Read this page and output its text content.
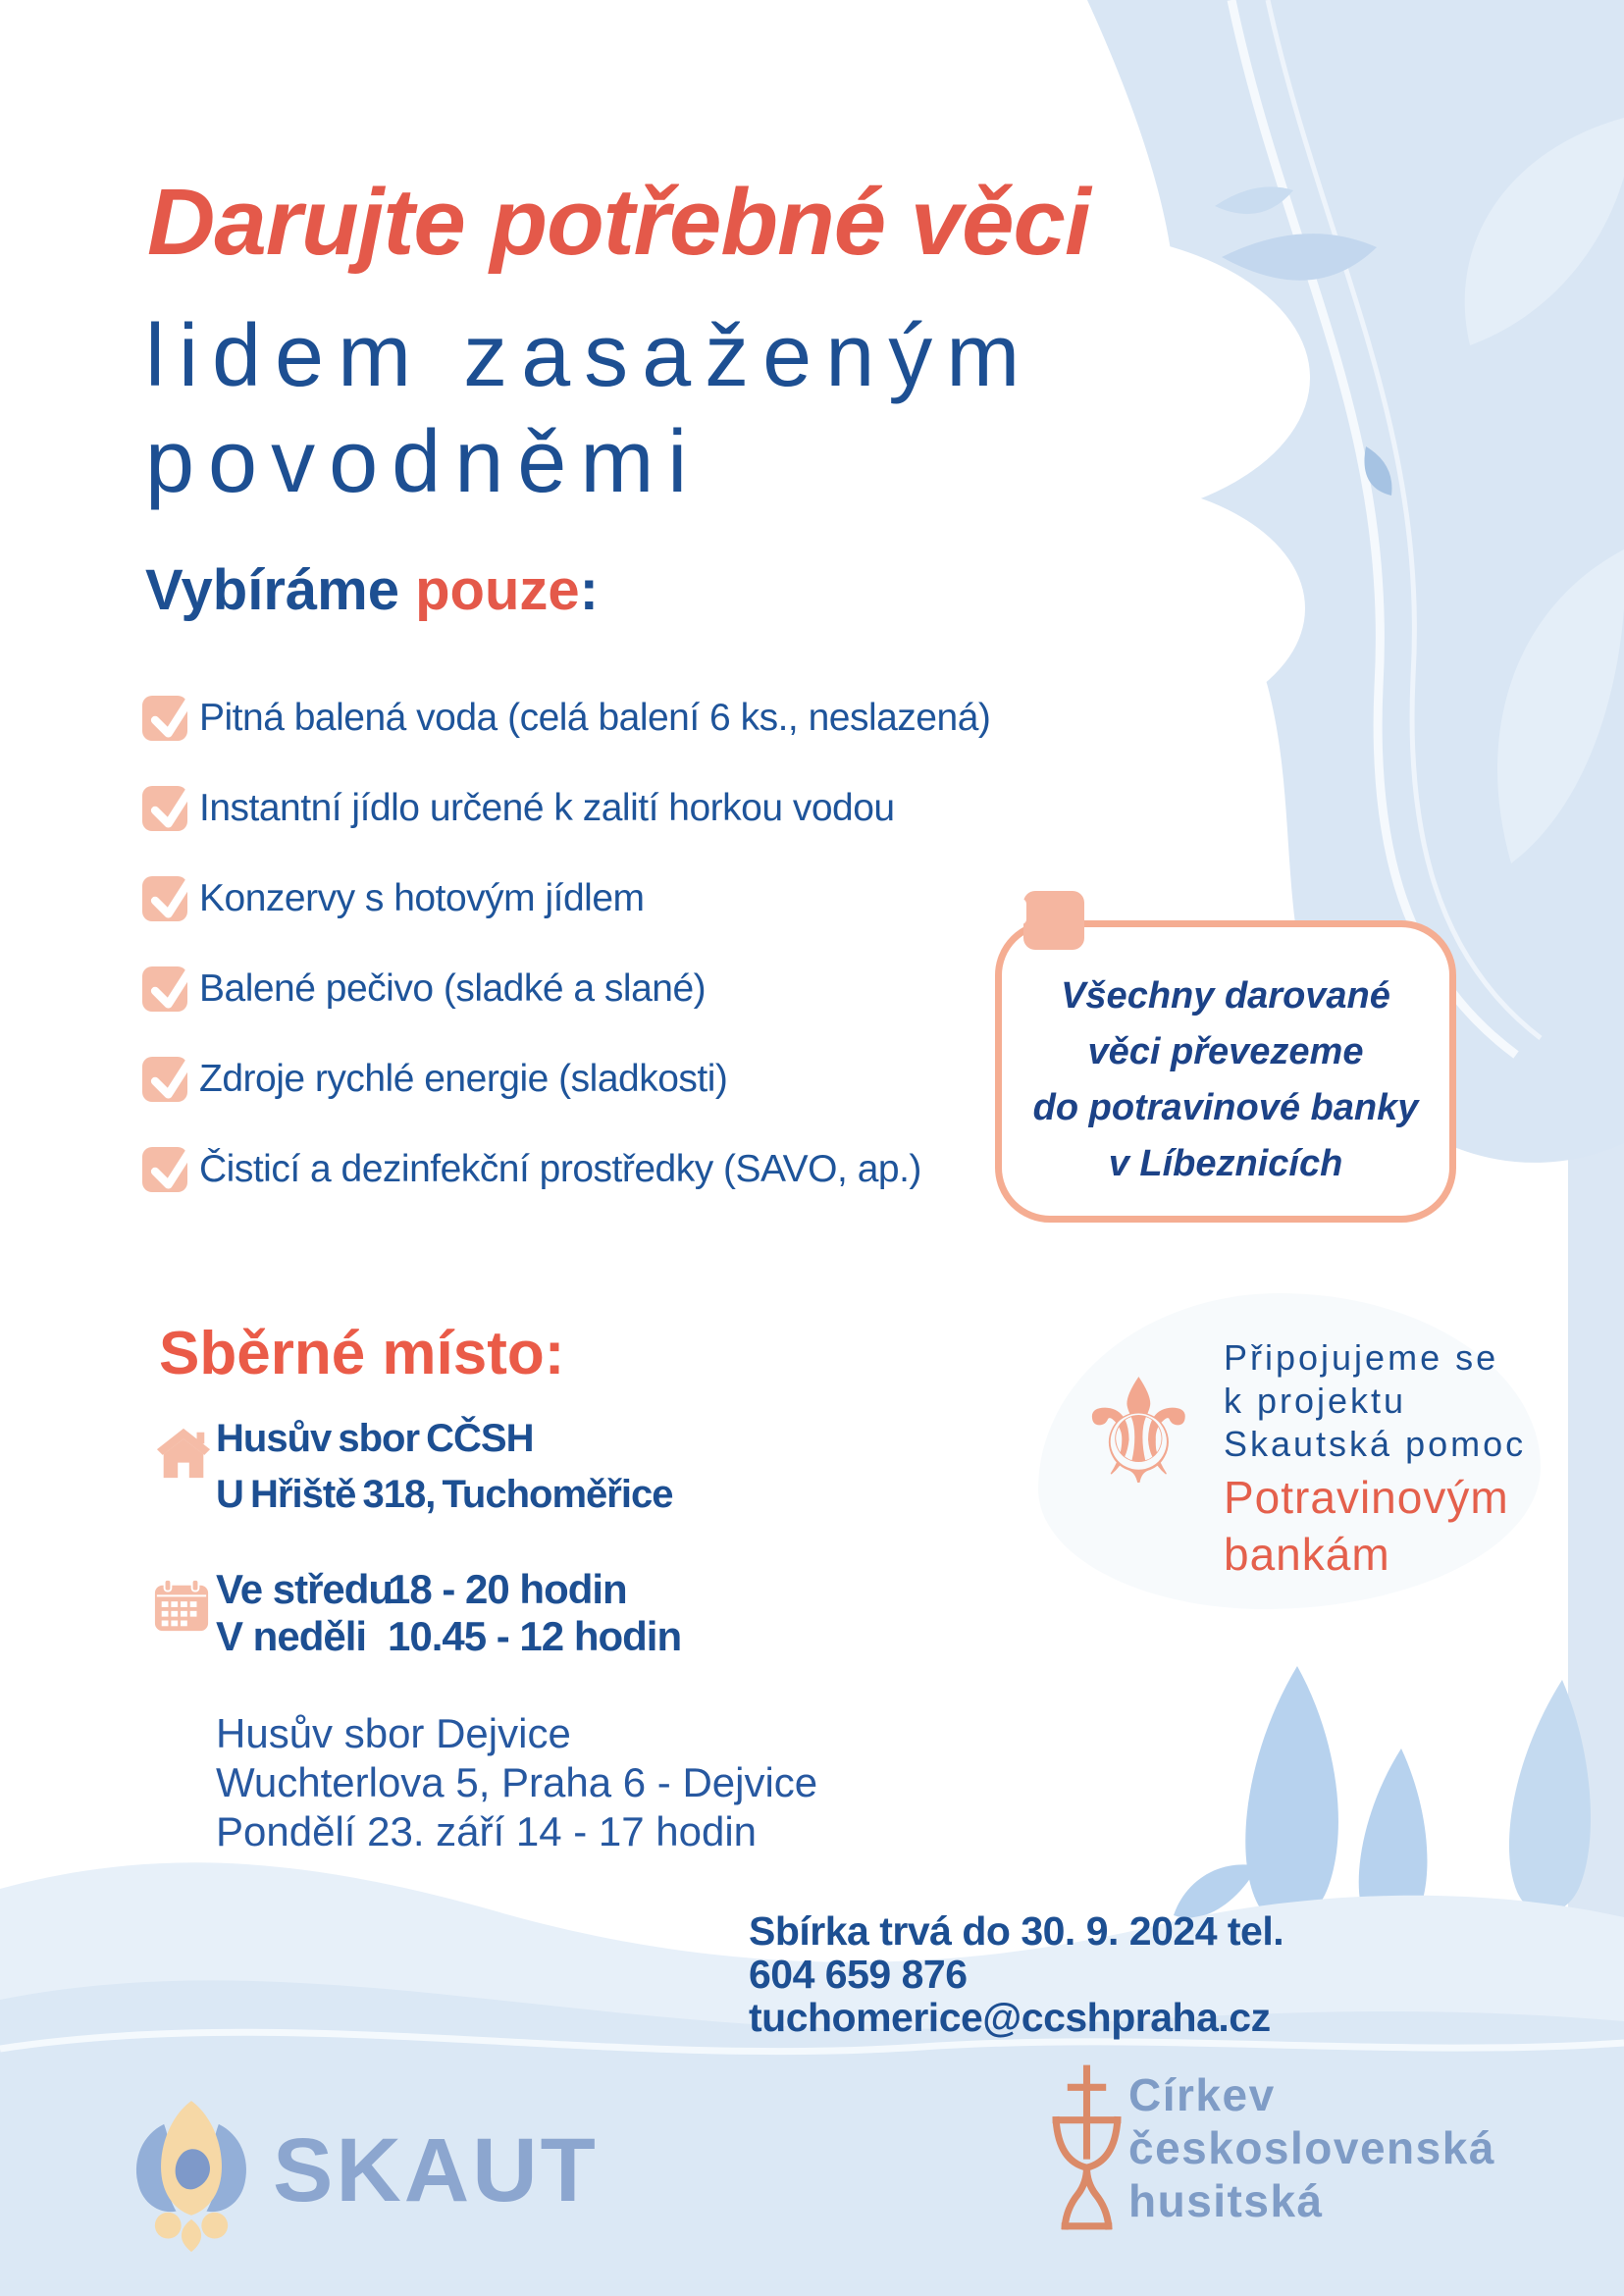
Darujte potřebné věci
lidem zasaženým
povodněmi
Vybíráme pouze:
Pitná balená voda (celá balení 6 ks., neslazená)
Instantní jídlo určené k zalití horkou vodou
Konzervy s hotovým jídlem
Balené pečivo (sladké a slané)
Zdroje rychlé energie (sladkosti)
Čisticí a dezinfekční prostředky (SAVO, ap.)
Všechny darované
věci převezeme
do potravinové banky
v Líbeznicích
Sběrné místo:
Husův sbor CČSH
U Hřiště 318, Tuchoměřice
Ve středu18 - 20 hodin
V neděli 10.45 - 12 hodin
Husův sbor Dejvice
Wuchterlova 5, Praha 6 - Dejvice
Pondělí 23. září 14 - 17 hodin
⚜ Připojujeme se
k projektu
Skautská pomoc
Potravinovým
bankám
Sbírka trvá do 30. 9. 2024 tel.
604 659 876
tuchomerice@ccshpraha.cz
SKAUT
Církev
československá
husitská
